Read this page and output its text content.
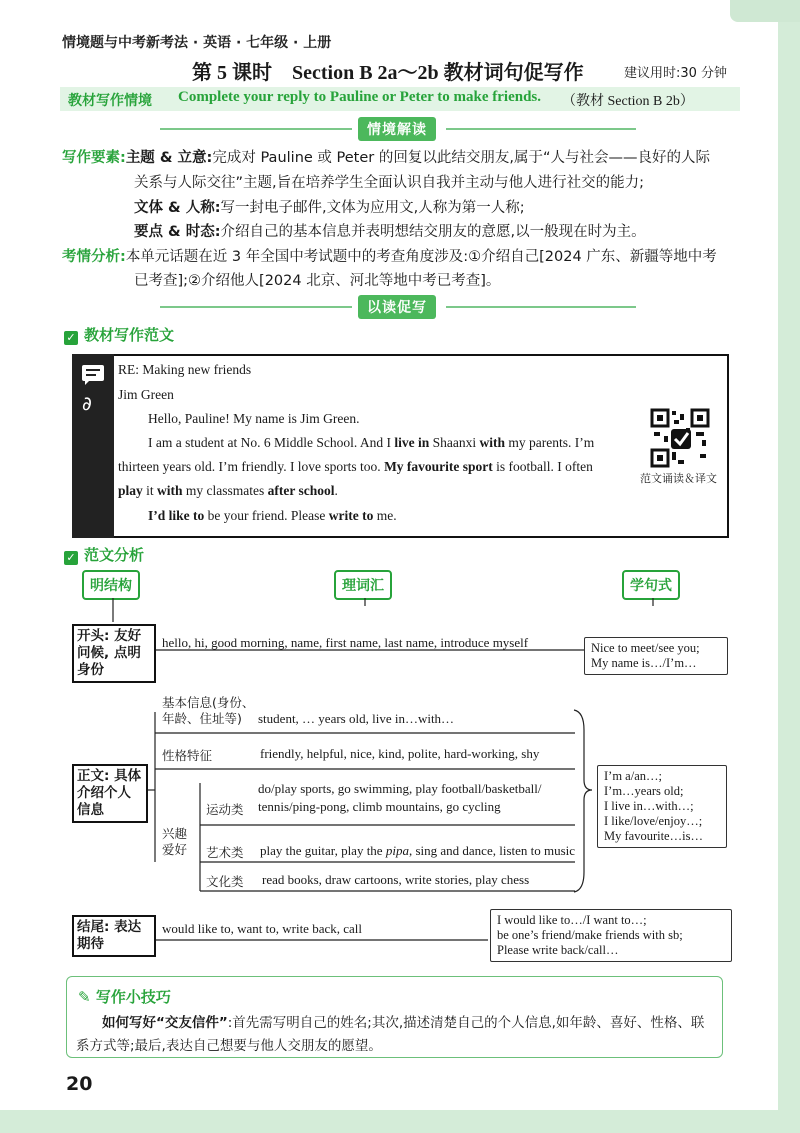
情境题与中考新考法 · 英语 · 七年级 · 上册
第 5 课时　Section B 2a～2b 教材词句促写作	建议用时:30 分钟
教材写作情境 Complete your reply to Pauline or Peter to make friends. （教材 Section B 2b）
情境解读
写作要素:主题 & 立意:完成对 Pauline 或 Peter 的回复以此结交朋友,属于“人与社会——良好的人际
关系与人际交往”主题,旨在培养学生全面认识自我并主动与他人进行社交的能力;
文体 & 人称:写一封电子邮件,文体为应用文,人称为第一人称;
要点 & 时态:介绍自己的基本信息并表明想结交朋友的意愿,以一般现在时为主。
考情分析:本单元话题在近 3 年全国中考试题中的考查角度涉及:①介绍自己[2024 广东、新疆等地中考
已考查];②介绍他人[2024 北京、河北等地中考已考查]。
以读促写
✓ 教材写作范文
∂
RE: Making new friends
Jim Green
Hello, Pauline! My name is Jim Green.
I am a student at No. 6 Middle School. And I live in Shaanxi with my parents. I’m
thirteen years old. I’m friendly. I love sports too. My favourite sport is football. I often
play it with my classmates after school.
I’d like to be your friend. Please write to me.
范文诵读＆译文
✓ 范文分析
明结构	理词汇	学句式
开头: 友好问候, 点明身份
hello, hi, good morning, name, first name, last name, introduce myself	Nice to meet/see you;
My name is…/I’m…
正文: 具体介绍个人信息
基本信息(身份、
年龄、住址等) student, … years old, live in…with…
性格特征	friendly, helpful, nice, kind, polite, hard-working, shy
兴趣爱好
运动类
do/play sports, go swimming, play football/basketball/
tennis/ping-pong, climb mountains, go cycling
艺术类 play the guitar, play the pipa, sing and dance, listen to music
文化类 read books, draw cartoons, write stories, play chess
I’m a/an…;
I’m…years old;
I live in…with…;
I like/love/enjoy…;
My favourite…is…
结尾: 表达期待
would like to, want to, write back, call
I would like to…/I want to…;
be one’s friend/make friends with sb;
Please write back/call…
✎ 写作小技巧
如何写好“交友信件”:首先需写明自己的姓名;其次,描述清楚自己的个人信息,如年龄、喜好、性格、联
系方式等;最后,表达自己想要与他人交朋友的愿望。
20
